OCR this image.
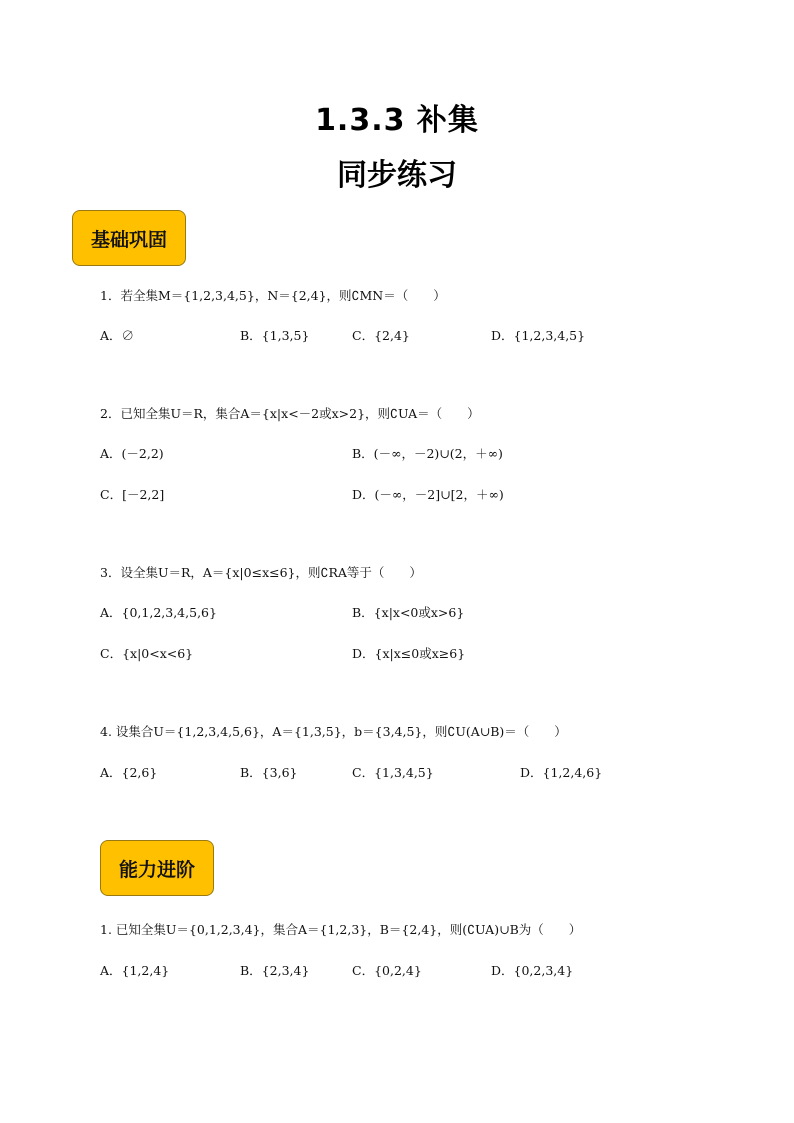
1.3.3 补集
同步练习
基础巩固
1．若全集M＝{1,2,3,4,5}，N＝{2,4}，则∁MN＝（　　）
A．∅	B．{1,3,5}	C．{2,4}	D．{1,2,3,4,5}
2．已知全集U＝R，集合A＝{x|x<－2或x>2}，则∁UA＝（　　）
A．(－2,2)	B．(－∞，－2)∪(2，＋∞)
C．[－2,2]	D．(－∞，－2]∪[2，＋∞)
3．设全集U＝R，A＝{x|0≤x≤6}，则∁RA等于（　　）
A．{0,1,2,3,4,5,6}	B．{x|x<0或x>6}
C．{x|0<x<6}	D．{x|x≤0或x≥6}
4. 设集合U＝{1,2,3,4,5,6}，A＝{1,3,5}，b＝{3,4,5}，则∁U(A∪B)＝（　　）
A．{2,6}	B．{3,6}	C．{1,3,4,5}	D．{1,2,4,6}
能力进阶
1. 已知全集U＝{0,1,2,3,4}，集合A＝{1,2,3}，B＝{2,4}，则(∁UA)∪B为（　　）
A．{1,2,4}	B．{2,3,4}	C．{0,2,4}	D．{0,2,3,4}
